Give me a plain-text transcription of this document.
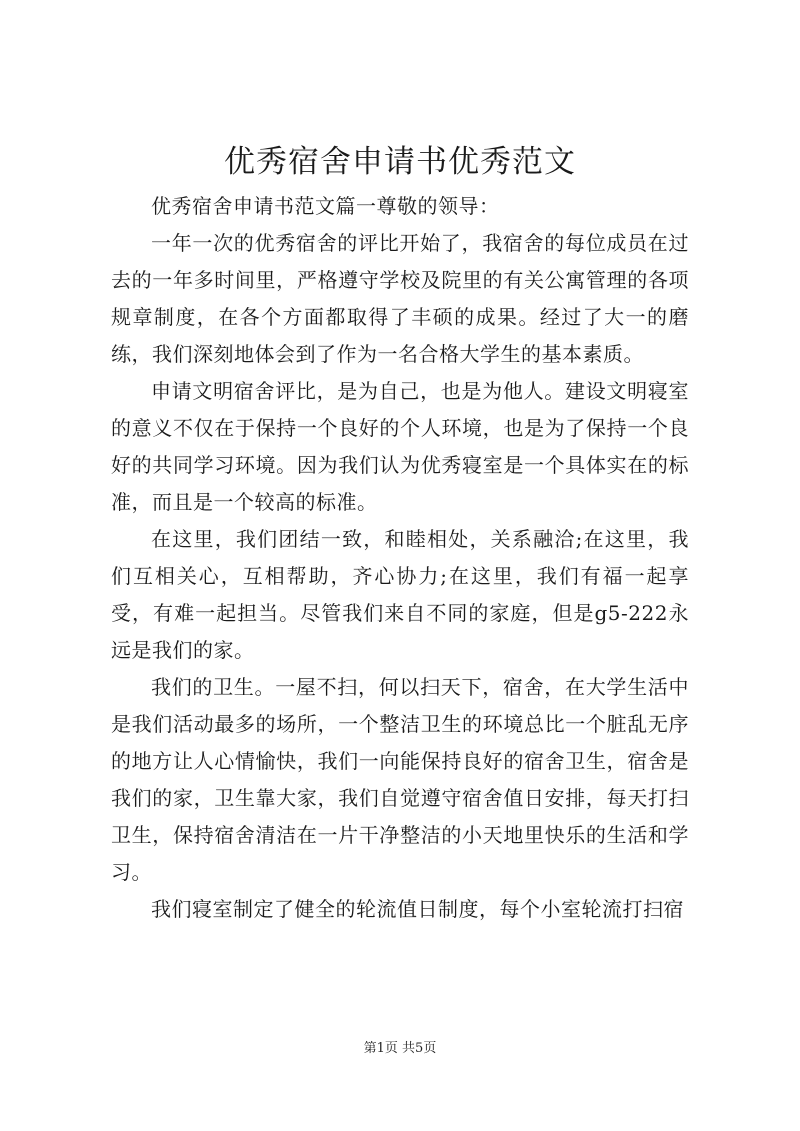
优秀宿舍申请书优秀范文

优秀宿舍申请书范文篇一尊敬的领导：

一年一次的优秀宿舍的评比开始了，我宿舍的每位成员在过去的一年多时间里，严格遵守学校及院里的有关公寓管理的各项规章制度，在各个方面都取得了丰硕的成果。经过了大一的磨练，我们深刻地体会到了作为一名合格大学生的基本素质。

申请文明宿舍评比，是为自己，也是为他人。建设文明寝室的意义不仅在于保持一个良好的个人环境，也是为了保持一个良好的共同学习环境。因为我们认为优秀寝室是一个具体实在的标准，而且是一个较高的标准。

在这里，我们团结一致，和睦相处，关系融洽;在这里，我们互相关心，互相帮助，齐心协力;在这里，我们有福一起享受，有难一起担当。尽管我们来自不同的家庭，但是g5-222永远是我们的家。

我们的卫生。一屋不扫，何以扫天下，宿舍，在大学生活中是我们活动最多的场所，一个整洁卫生的环境总比一个脏乱无序的地方让人心情愉快，我们一向能保持良好的宿舍卫生，宿舍是我们的家，卫生靠大家，我们自觉遵守宿舍值日安排，每天打扫卫生，保持宿舍清洁在一片干净整洁的小天地里快乐的生活和学习。

我们寝室制定了健全的轮流值日制度，每个小室轮流打扫宿

第1页 共5页
